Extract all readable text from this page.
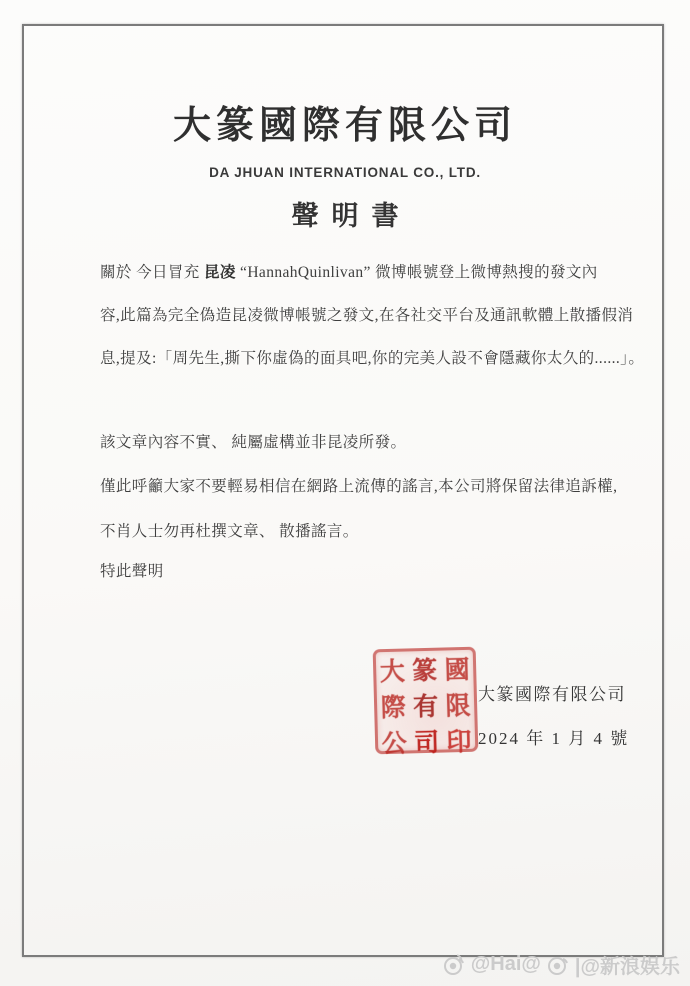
大篆國際有限公司
DA JHUAN INTERNATIONAL CO., LTD.
聲明書

關於 今日冒充 昆凌 “HannahQuinlivan” 微博帳號登上微博熱搜的發文內

容,此篇為完全偽造昆凌微博帳號之發文,在各社交平台及通訊軟體上散播假消

息,提及:「周先生,撕下你虛偽的面具吧,你的完美人設不會隱藏你太久的......」。

該文章內容不實、 純屬虛構並非昆凌所發。

僅此呼籲大家不要輕易相信在網路上流傳的謠言,本公司將保留法律追訴權,

不肖人士勿再杜撰文章、 散播謠言。

特此聲明

大 篆 國
際 有 限
公 司 印
大篆國際有限公司
2024 年 1 月 4 號
@Hai@ |@新浪娱乐
